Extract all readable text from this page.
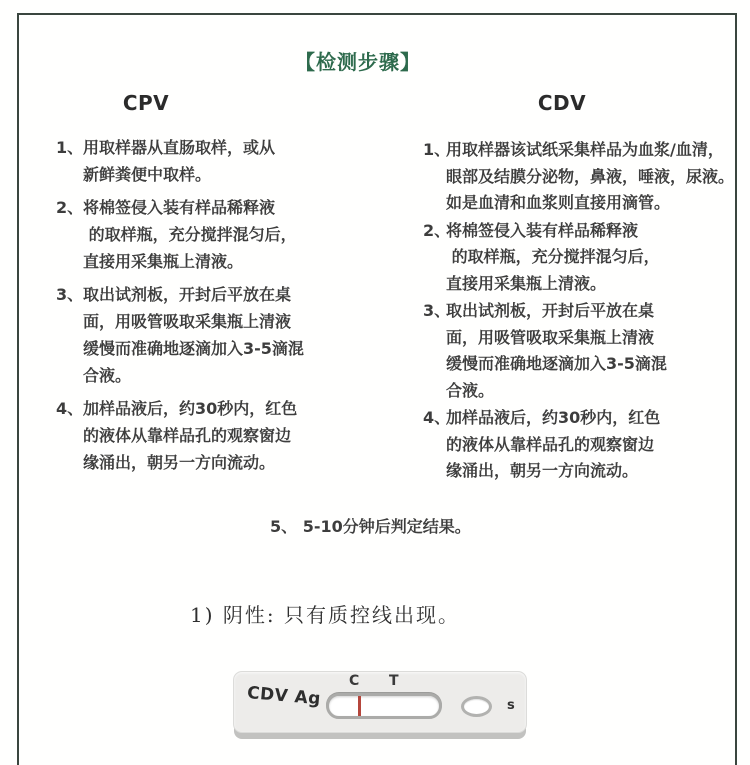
【检测步骤】
CPV	CDV
1、 用取样器从直肠取样，或从
新鲜粪便中取样。
2、 将棉签侵入装有样品稀释液
的取样瓶，充分搅拌混匀后，
直接用采集瓶上清液。
3、 取出试剂板，开封后平放在桌
面，用吸管吸取采集瓶上清液
缓慢而准确地逐滴加入3-5滴混
合液。
4、 加样品液后，约30秒内，红色
的液体从靠样品孔的观察窗边
缘涌出，朝另一方向流动。
1、
用取样器该试纸采集样品为血浆/血清，
眼部及结膜分泌物，鼻液，唾液，尿液。
如是血清和血浆则直接用滴管。
2、
将棉签侵入装有样品稀释液
的取样瓶，充分搅拌混匀后，
直接用采集瓶上清液。
3、
取出试剂板，开封后平放在桌
面，用吸管吸取采集瓶上清液
缓慢而准确地逐滴加入3-5滴混
合液。
4、
加样品液后，约30秒内，红色
的液体从靠样品孔的观察窗边
缘涌出，朝另一方向流动。
5、 5-10分钟后判定结果。
1) 阴性: 只有质控线出现。
CDV Ag
C T
s
